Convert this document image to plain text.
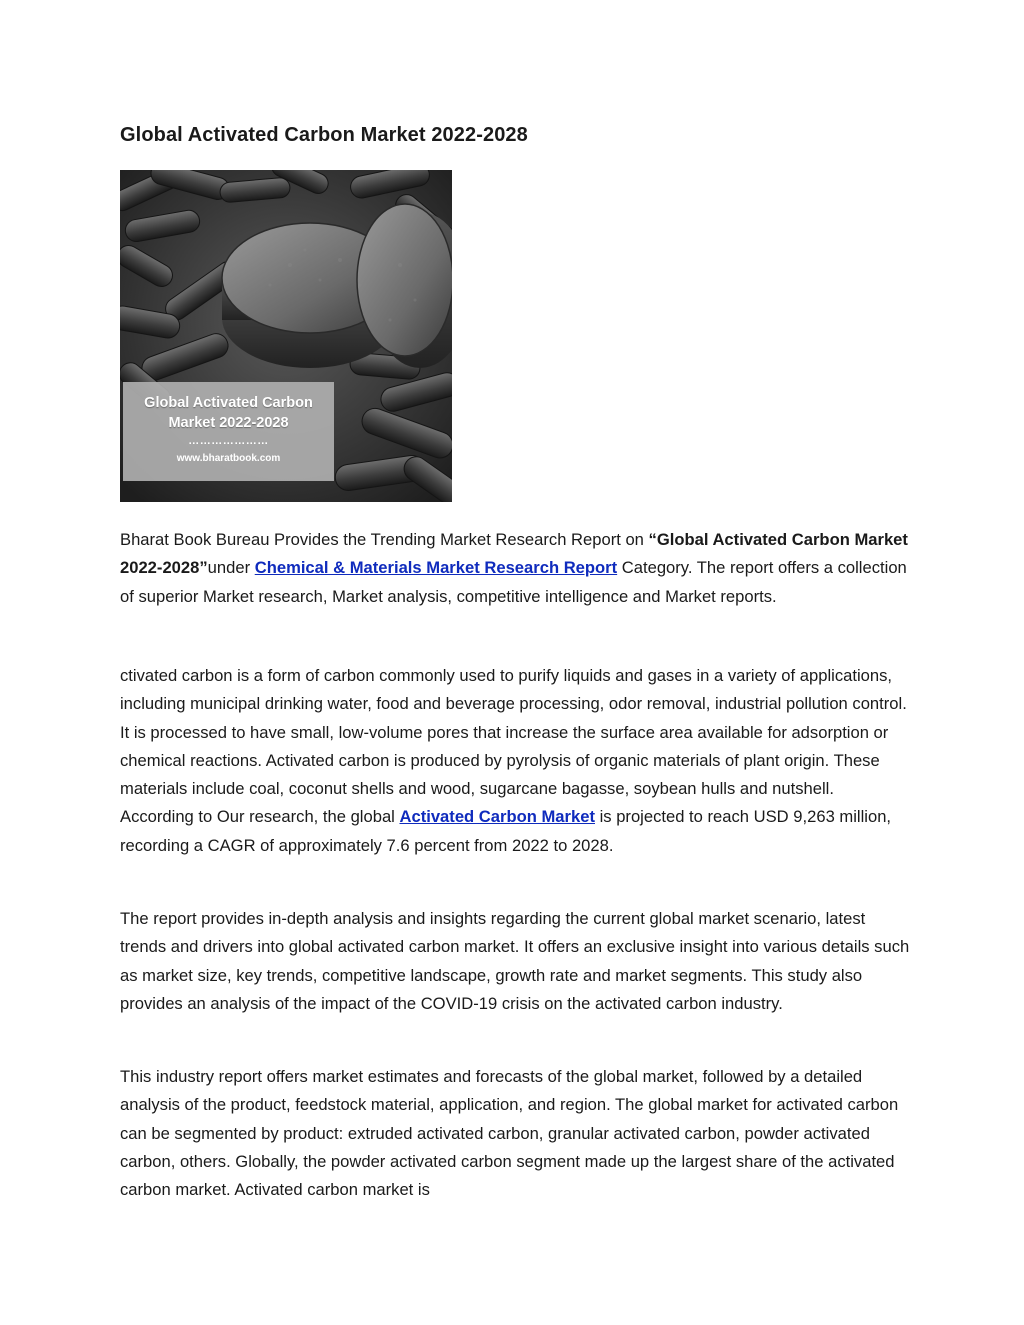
Global Activated Carbon Market 2022-2028
Global Activated Carbon
Market 2022-2028
…………………
www.bharatbook.com

Bharat Book Bureau Provides the Trending Market Research Report on “Global Activated Carbon Market 2022-2028”under Chemical & Materials Market Research Report Category. The report offers a collection of superior Market research, Market analysis, competitive intelligence and Market reports.

ctivated carbon is a form of carbon commonly used to purify liquids and gases in a variety of applications, including municipal drinking water, food and beverage processing, odor removal, industrial pollution control. It is processed to have small, low-volume pores that increase the surface area available for adsorption or chemical reactions. Activated carbon is produced by pyrolysis of organic materials of plant origin. These materials include coal, coconut shells and wood, sugarcane bagasse, soybean hulls and nutshell. According to Our research, the global Activated Carbon Market is projected to reach USD 9,263 million, recording a CAGR of approximately 7.6 percent from 2022 to 2028.

The report provides in-depth analysis and insights regarding the current global market scenario, latest trends and drivers into global activated carbon market. It offers an exclusive insight into various details such as market size, key trends, competitive landscape, growth rate and market segments. This study also provides an analysis of the impact of the COVID-19 crisis on the activated carbon industry.

This industry report offers market estimates and forecasts of the global market, followed by a detailed analysis of the product, feedstock material, application, and region. The global market for activated carbon can be segmented by product: extruded activated carbon, granular activated carbon, powder activated carbon, others. Globally, the powder activated carbon segment made up the largest share of the activated carbon market. Activated carbon market is
